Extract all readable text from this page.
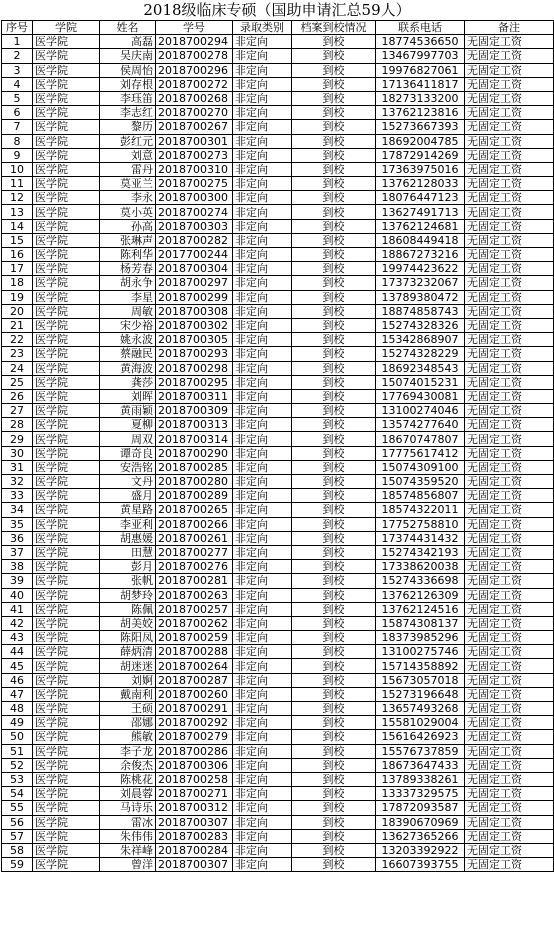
2018级临床专硕（国助申请汇总59人）
序号	学院	姓名	学号	录取类别	档案到校情况	联系电话	备注
1	医学院	高磊	2018700294	非定向	到校	18774536650	无固定工资
2	医学院	吴庆南	2018700278	非定向	到校	13467997703	无固定工资
3	医学院	侯周怡	2018700296	非定向	到校	19976827061	无固定工资
4	医学院	刘存根	2018700272	非定向	到校	17136411817	无固定工资
5	医学院	李珏笛	2018700268	非定向	到校	18273133200	无固定工资
6	医学院	李志红	2018700270	非定向	到校	13762123816	无固定工资
7	医学院	黎历	2018700267	非定向	到校	15273667393	无固定工资
8	医学院	彭红元	2018700301	非定向	到校	18692004785	无固定工资
9	医学院	刘意	2018700273	非定向	到校	17872914269	无固定工资
10	医学院	雷丹	2018700310	非定向	到校	17363975016	无固定工资
11	医学院	莫亚兰	2018700275	非定向	到校	13762128033	无固定工资
12	医学院	李永	2018700300	非定向	到校	18076447123	无固定工资
13	医学院	莫小英	2018700274	非定向	到校	13627491713	无固定工资
14	医学院	孙高	2018700303	非定向	到校	13762124681	无固定工资
15	医学院	张琳声	2018700282	非定向	到校	18608449418	无固定工资
16	医学院	陈利华	2017700244	非定向	到校	18867273216	无固定工资
17	医学院	杨芳春	2018700304	非定向	到校	19974423622	无固定工资
18	医学院	胡永争	2018700297	非定向	到校	17373232067	无固定工资
19	医学院	李星	2018700299	非定向	到校	13789380472	无固定工资
20	医学院	周敏	2018700308	非定向	到校	18874858743	无固定工资
21	医学院	宋少裕	2018700302	非定向	到校	15274328326	无固定工资
22	医学院	姚永波	2018700305	非定向	到校	15342868907	无固定工资
23	医学院	蔡融民	2018700293	非定向	到校	15274328229	无固定工资
24	医学院	黄海波	2018700298	非定向	到校	18692348543	无固定工资
25	医学院	龚莎	2018700295	非定向	到校	15074015231	无固定工资
26	医学院	刘晖	2018700311	非定向	到校	17769430081	无固定工资
27	医学院	黄雨颖	2018700309	非定向	到校	13100274046	无固定工资
28	医学院	夏柳	2018700313	非定向	到校	13574277640	无固定工资
29	医学院	周双	2018700314	非定向	到校	18670747807	无固定工资
30	医学院	谭奇良	2018700290	非定向	到校	17775617412	无固定工资
31	医学院	安浩铭	2018700285	非定向	到校	15074309100	无固定工资
32	医学院	文丹	2018700280	非定向	到校	15074359520	无固定工资
33	医学院	盛月	2018700289	非定向	到校	18574856807	无固定工资
34	医学院	黄星路	2018700265	非定向	到校	18574322011	无固定工资
35	医学院	李亚利	2018700266	非定向	到校	17752758810	无固定工资
36	医学院	胡惠媛	2018700261	非定向	到校	17374431432	无固定工资
37	医学院	田慧	2018700277	非定向	到校	15274342193	无固定工资
38	医学院	彭月	2018700276	非定向	到校	17338620038	无固定工资
39	医学院	张帆	2018700281	非定向	到校	15274336698	无固定工资
40	医学院	胡梦玲	2018700263	非定向	到校	13762126309	无固定工资
41	医学院	陈佩	2018700257	非定向	到校	13762124516	无固定工资
42	医学院	胡美姣	2018700262	非定向	到校	15874308137	无固定工资
43	医学院	陈阳凤	2018700259	非定向	到校	18373985296	无固定工资
44	医学院	薛炳清	2018700288	非定向	到校	13100275746	无固定工资
45	医学院	胡迷迷	2018700264	非定向	到校	15714358892	无固定工资
46	医学院	刘婀	2018700287	非定向	到校	15673057018	无固定工资
47	医学院	戴南利	2018700260	非定向	到校	15273196648	无固定工资
48	医学院	王硕	2018700291	非定向	到校	13657493268	无固定工资
49	医学院	邵娜	2018700292	非定向	到校	15581029004	无固定工资
50	医学院	熊敏	2018700279	非定向	到校	15616426923	无固定工资
51	医学院	李子龙	2018700286	非定向	到校	15576737859	无固定工资
52	医学院	余俊杰	2018700306	非定向	到校	18673647433	无固定工资
53	医学院	陈桃花	2018700258	非定向	到校	13789338261	无固定工资
54	医学院	刘晨蓉	2018700271	非定向	到校	13337329575	无固定工资
55	医学院	马诗乐	2018700312	非定向	到校	17872093587	无固定工资
56	医学院	雷冰	2018700307	非定向	到校	18390670969	无固定工资
57	医学院	朱伟伟	2018700283	非定向	到校	13627365266	无固定工资
58	医学院	朱祥峰	2018700284	非定向	到校	13203392922	无固定工资
59	医学院	曾洋	2018700307	非定向	到校	16607393755	无固定工资
